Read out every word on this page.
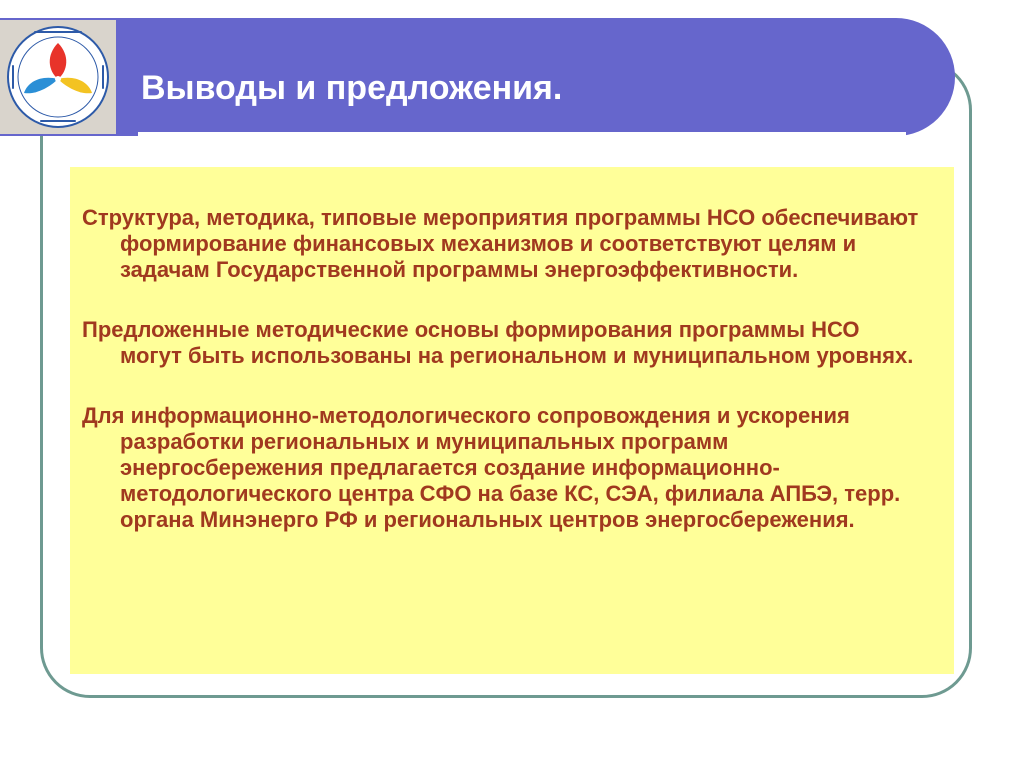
Выводы и предложения.

Структура, методика, типовые мероприятия программы НСО обеспечивают формирование финансовых механизмов и соответствуют целям и задачам Государственной программы энергоэффективности.

Предложенные методические основы формирования программы НСО могут быть использованы на региональном и муниципальном уровнях.

Для информационно-методологического сопровождения и ускорения разработки региональных и муниципальных программ энергосбережения предлагается создание информационно-методологического центра СФО на базе КС, СЭА, филиала АПБЭ, терр. органа Минэнерго РФ и региональных центров энергосбережения.
